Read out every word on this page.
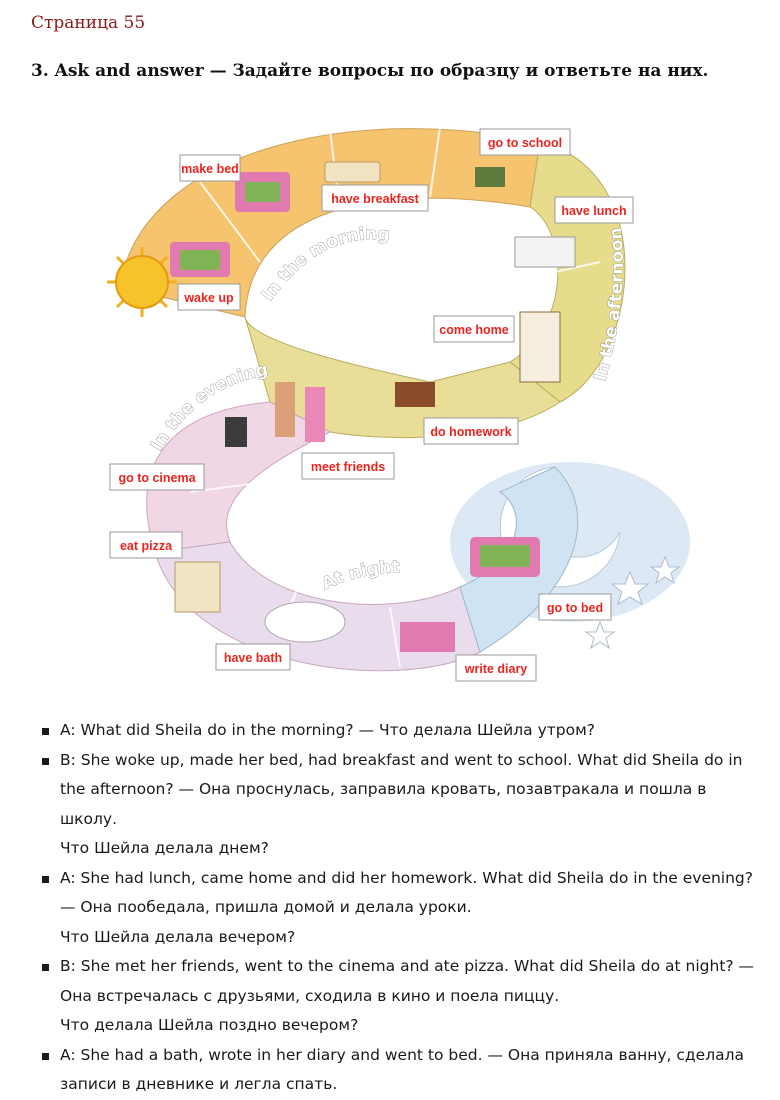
Страница 55
3. Ask and answer — Задайте вопросы по образцу и ответьте на них.
In the morning
In the afternoon
In the evening
At night
make bed
have breakfast
go to school
have lunch
wake up
come home
do homework
meet friends
go to cinema
eat pizza
have bath
write diary
go to bed
A: What did Sheila do in the morning? — Что делала Шейла утром?
B: She woke up, made her bed, had breakfast and went to school. What did Sheila do in the afternoon? — Она проснулась, заправила кровать, позавтракала и пошла в школу.
Что Шейла делала днем?
A: She had lunch, came home and did her homework. What did Sheila do in the evening? — Она пообедала, пришла домой и делала уроки.
Что Шейла делала вечером?
B: She met her friends, went to the cinema and ate pizza. What did Sheila do at night? — Она встречалась с друзьями, сходила в кино и поела пиццу.
Что делала Шейла поздно вечером?
A: She had a bath, wrote in her diary and went to bed. — Она приняла ванну, сделала записи в дневнике и легла спать.
